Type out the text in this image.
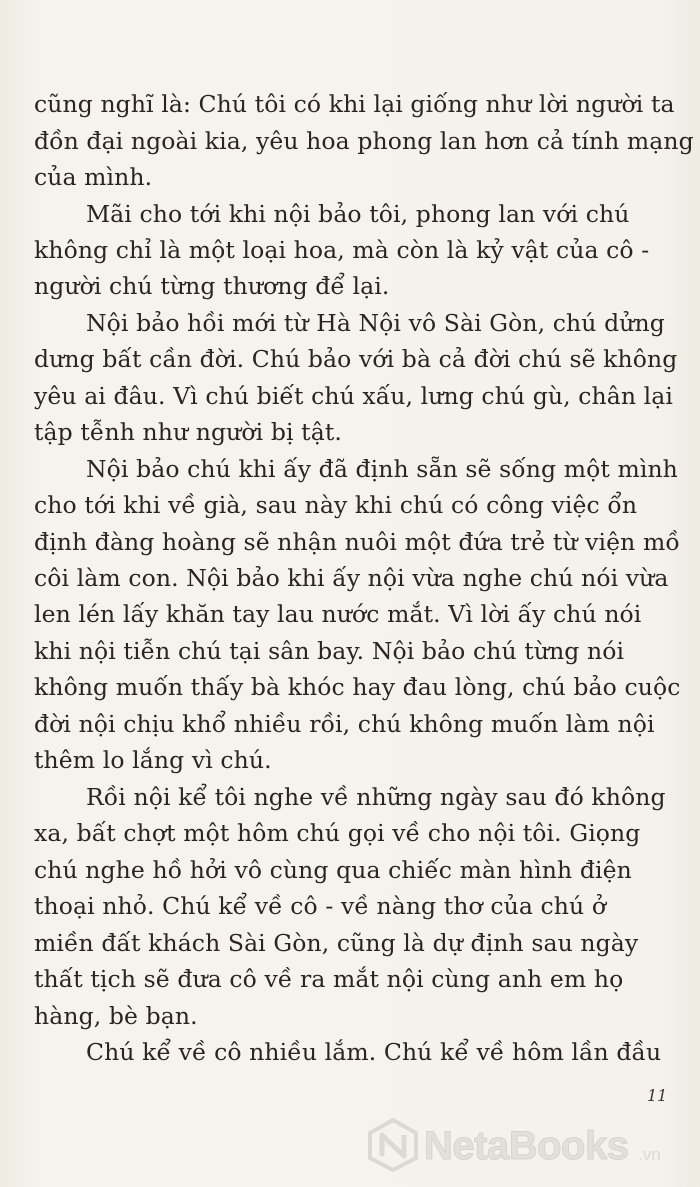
cũng nghĩ là: Chú tôi có khi lại giống như lời người ta
đồn đại ngoài kia, yêu hoa phong lan hơn cả tính mạng
của mình.
Mãi cho tới khi nội bảo tôi, phong lan với chú
không chỉ là một loại hoa, mà còn là kỷ vật của cô -
người chú từng thương để lại.
Nội bảo hồi mới từ Hà Nội vô Sài Gòn, chú dửng
dưng bất cần đời. Chú bảo với bà cả đời chú sẽ không
yêu ai đâu. Vì chú biết chú xấu, lưng chú gù, chân lại
tập tễnh như người bị tật.
Nội bảo chú khi ấy đã định sẵn sẽ sống một mình
cho tới khi về già, sau này khi chú có công việc ổn
định đàng hoàng sẽ nhận nuôi một đứa trẻ từ viện mồ
côi làm con. Nội bảo khi ấy nội vừa nghe chú nói vừa
len lén lấy khăn tay lau nước mắt. Vì lời ấy chú nói
khi nội tiễn chú tại sân bay. Nội bảo chú từng nói
không muốn thấy bà khóc hay đau lòng, chú bảo cuộc
đời nội chịu khổ nhiều rồi, chú không muốn làm nội
thêm lo lắng vì chú.
Rồi nội kể tôi nghe về những ngày sau đó không
xa, bất chợt một hôm chú gọi về cho nội tôi. Giọng
chú nghe hồ hởi vô cùng qua chiếc màn hình điện
thoại nhỏ. Chú kể về cô - về nàng thơ của chú ở
miền đất khách Sài Gòn, cũng là dự định sau ngày
thất tịch sẽ đưa cô về ra mắt nội cùng anh em họ
hàng, bè bạn.
Chú kể về cô nhiều lắm. Chú kể về hôm lần đầu
11
NetaBooks .vn
